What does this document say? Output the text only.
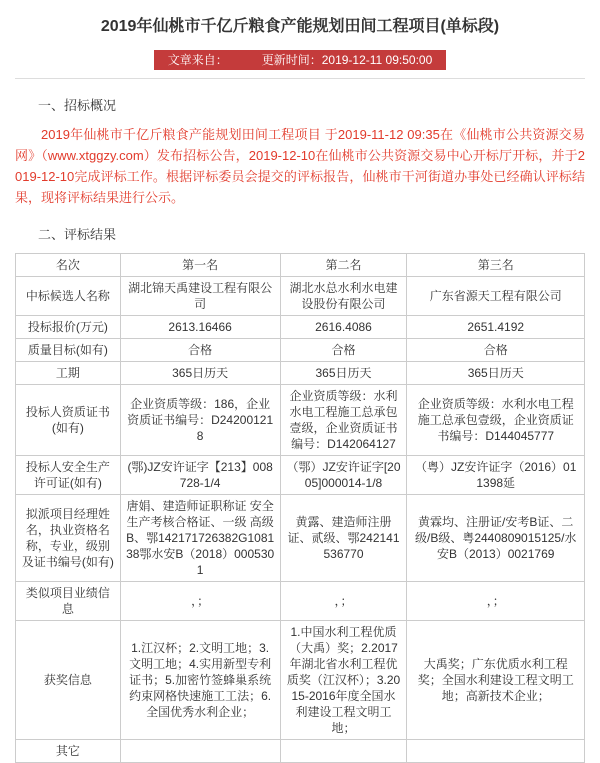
2019年仙桃市千亿斤粮食产能规划田间工程项目(单标段)
文章来自：	更新时间：2019-12-11 09:50:00
一、招标概况

2019年仙桃市千亿斤粮食产能规划田间工程项目 于2019-11-12 09:35在《仙桃市公共资源交易网》（www.xtggzy.com）发布招标公告，2019-12-10在仙桃市公共资源交易中心开标厅开标，并于2019-12-10完成评标工作。根据评标委员会提交的评标报告，仙桃市干河街道办事处已经确认评标结果，现将评标结果进行公示。

二、评标结果
名次	第一名	第二名	第三名
中标候选人名称	湖北锦天禹建设工程有限公司	湖北水总水利水电建设股份有限公司	广东省源天工程有限公司
投标报价(万元)	2613.16466	2616.4086	2651.4192
质量目标(如有)	合格	合格	合格
工期	365日历天	365日历天	365日历天
投标人资质证书(如有)	企业资质等级：186，企业资质证书编号：D242001218	企业资质等级：水利水电工程施工总承包壹级，企业资质证书编号：D142064127	企业资质等级：水利水电工程施工总承包壹级，企业资质证书编号：D144045777
投标人安全生产许可证(如有)	(鄂)JZ安许证字【213】008728-1/4	（鄂）JZ安许证字[2005]000014-1/8	（粤）JZ安许证字（2016）011398延
拟派项目经理姓名，执业资格名称，专业，级别及证书编号(如有)	唐娟、建造师证职称证 安全生产考核合格证、一级 高级 B、鄂142171726382G108138鄂水安B（2018）0005301	黄露、建造师注册证、贰级、鄂242141536770	黄霖均、注册证/安考B证、二级/B级、粤2440809015125/水安B（2013）0021769
类似项目业绩信息	，；	，；	，；
获奖信息	1.江汉杯；2.文明工地；3.文明工地；4.实用新型专利证书；5.加密竹签蜂巢系统约束网格快速施工工法；6.全国优秀水利企业；	1.中国水利工程优质（大禹）奖；2.2017年湖北省水利工程优质奖（江汉杯）；3.2015-2016年度全国水利建设工程文明工地；	大禹奖；广东优质水利工程奖；全国水利建设工程文明工地；高新技术企业；
其它			
